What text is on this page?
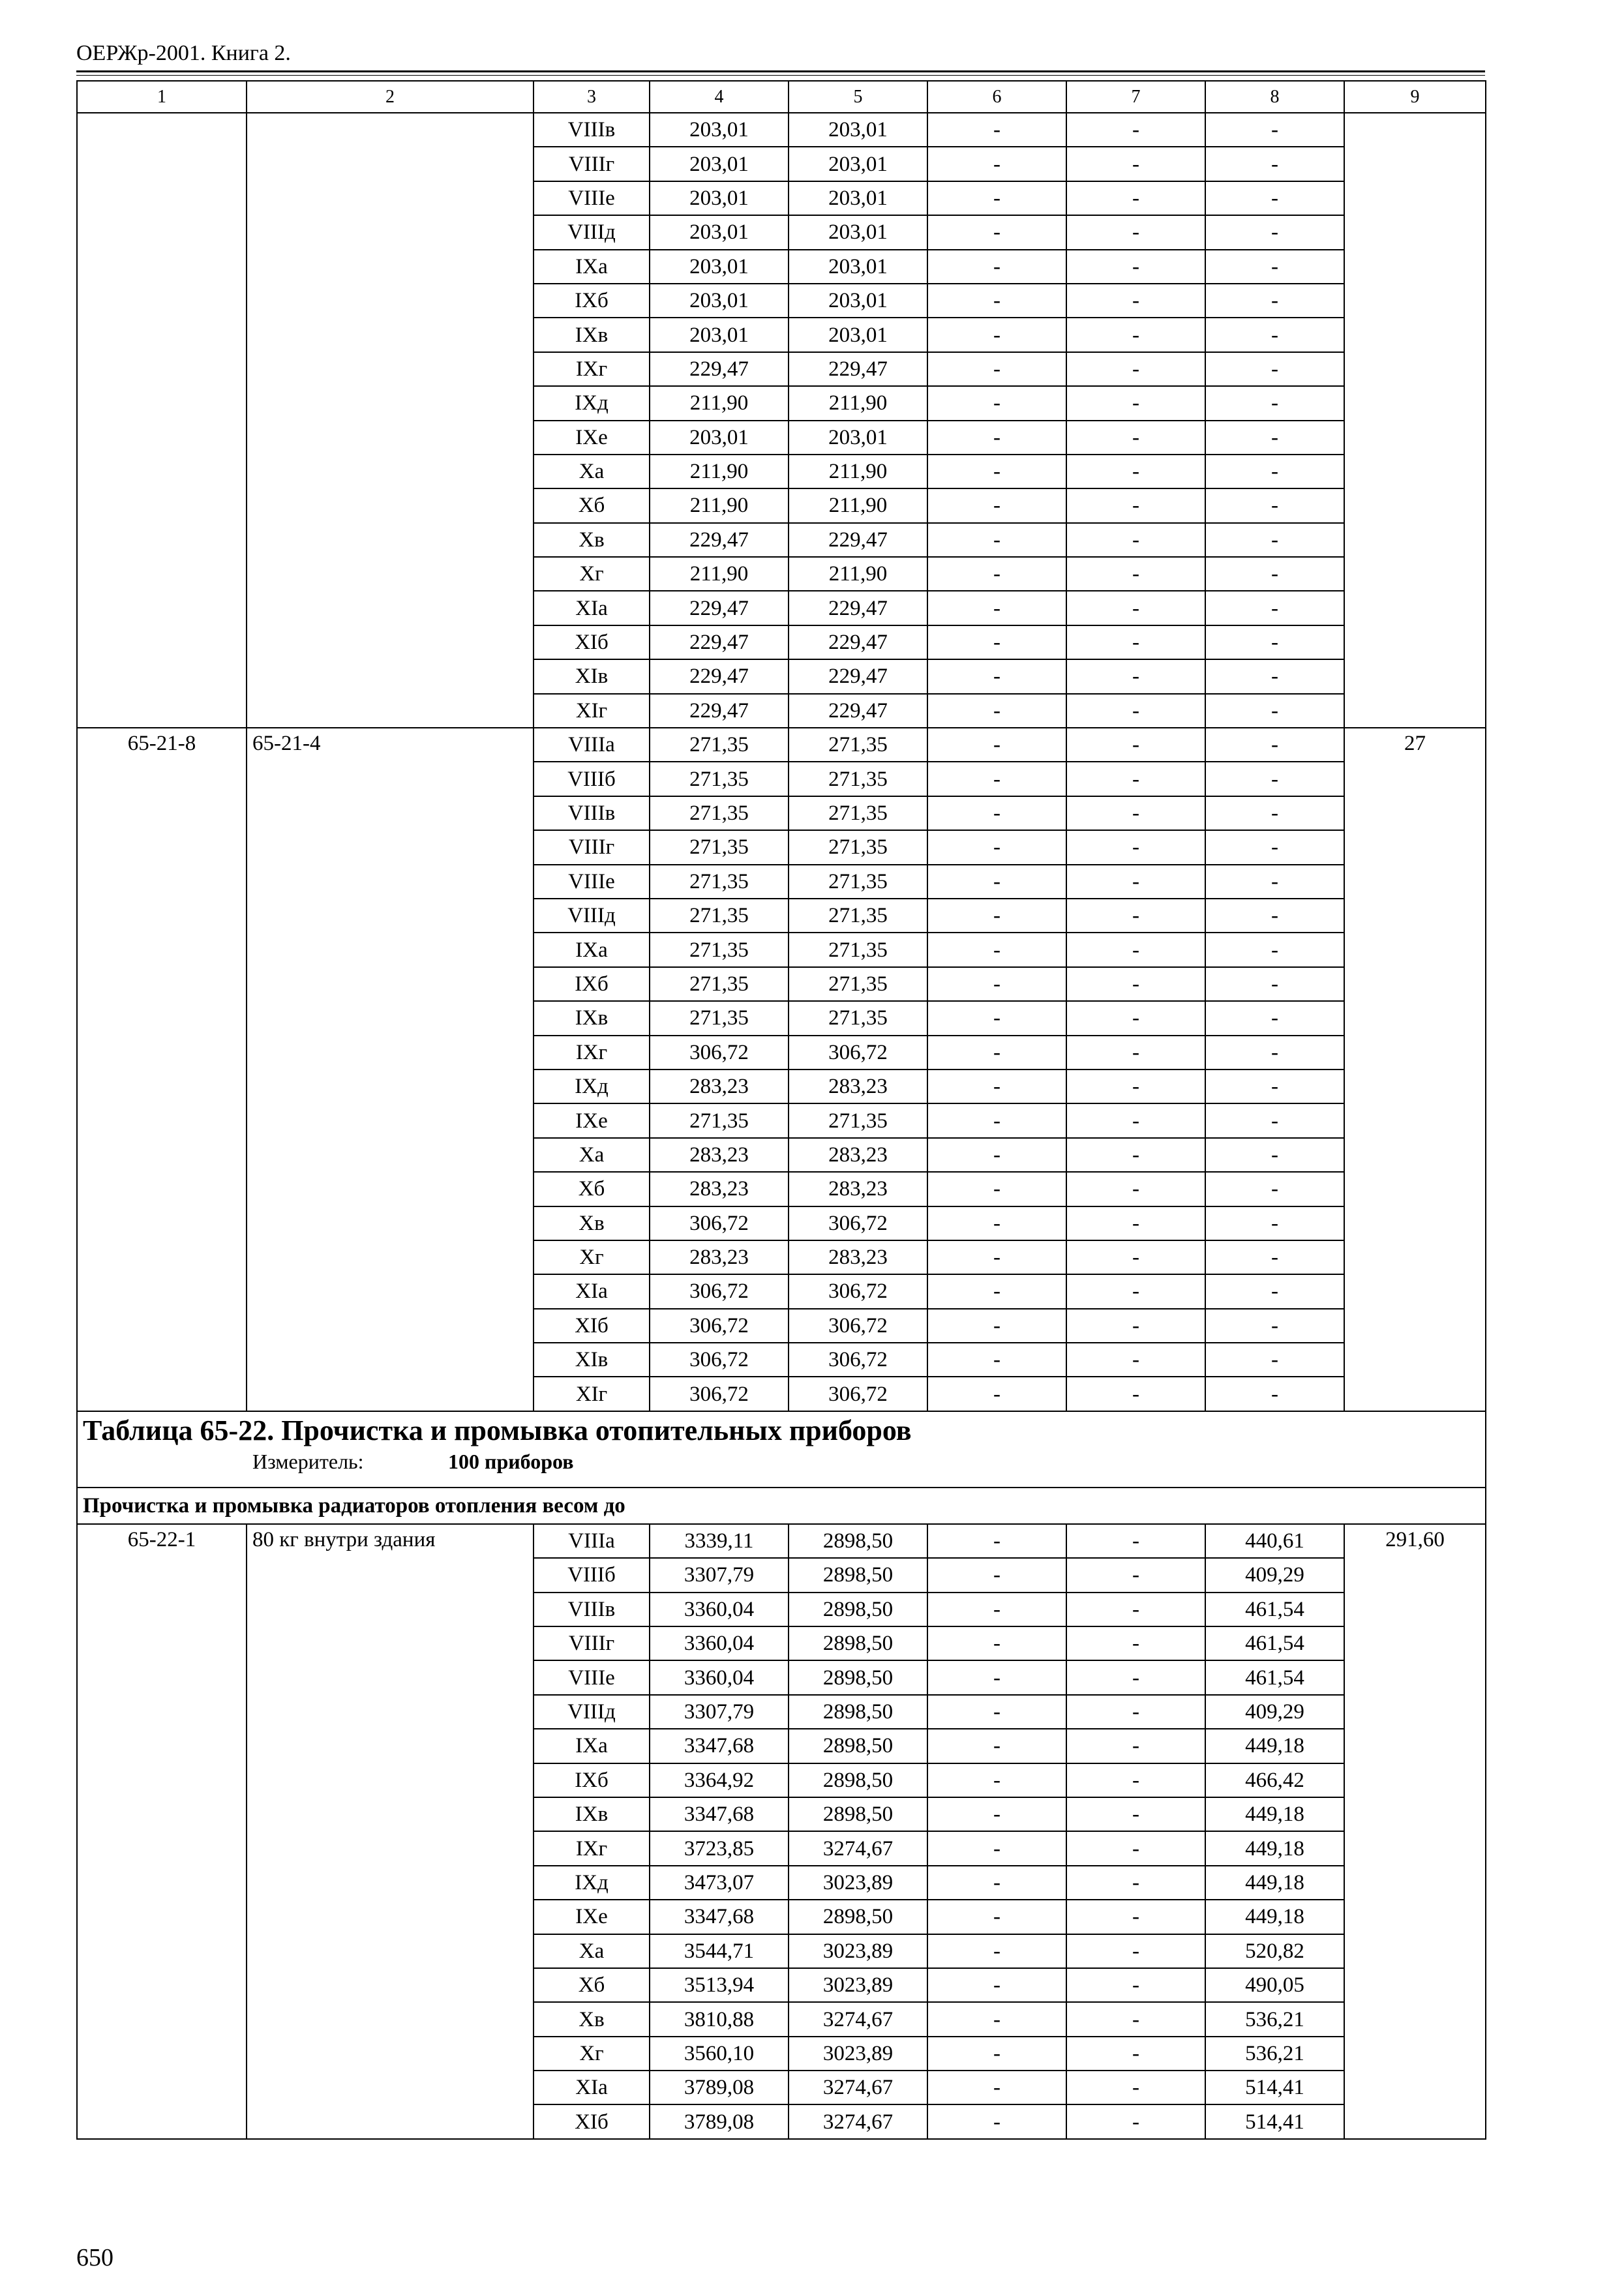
ОЕРЖр-2001. Книга 2.
1	2	3	4	5	6	7	8	9
		VIIIв	203,01	203,01	-	-	-	
		VIIIг	203,01	203,01	-	-	-	
		VIIIе	203,01	203,01	-	-	-	
		VIIIд	203,01	203,01	-	-	-	
		IXа	203,01	203,01	-	-	-	
		IXб	203,01	203,01	-	-	-	
		IXв	203,01	203,01	-	-	-	
		IXг	229,47	229,47	-	-	-	
		IXд	211,90	211,90	-	-	-	
		IXе	203,01	203,01	-	-	-	
		Xа	211,90	211,90	-	-	-	
		Xб	211,90	211,90	-	-	-	
		Xв	229,47	229,47	-	-	-	
		Xг	211,90	211,90	-	-	-	
		XIа	229,47	229,47	-	-	-	
		XIб	229,47	229,47	-	-	-	
		XIв	229,47	229,47	-	-	-	
		XIг	229,47	229,47	-	-	-	
65-21-8	65-21-4	VIIIа	271,35	271,35	-	-	-	27
		VIIIб	271,35	271,35	-	-	-	
		VIIIв	271,35	271,35	-	-	-	
		VIIIг	271,35	271,35	-	-	-	
		VIIIе	271,35	271,35	-	-	-	
		VIIIд	271,35	271,35	-	-	-	
		IXа	271,35	271,35	-	-	-	
		IXб	271,35	271,35	-	-	-	
		IXв	271,35	271,35	-	-	-	
		IXг	306,72	306,72	-	-	-	
		IXд	283,23	283,23	-	-	-	
		IXе	271,35	271,35	-	-	-	
		Xа	283,23	283,23	-	-	-	
		Xб	283,23	283,23	-	-	-	
		Xв	306,72	306,72	-	-	-	
		Xг	283,23	283,23	-	-	-	
		XIа	306,72	306,72	-	-	-	
		XIб	306,72	306,72	-	-	-	
		XIв	306,72	306,72	-	-	-	
		XIг	306,72	306,72	-	-	-	

Таблица 65-22. Прочистка и промывка отопительных приборов
Измеритель: 100 приборов								

Прочистка и промывка радиаторов отопления весом до								
65-22-1	80 кг внутри здания	VIIIа	3339,11	2898,50	-	-	440,61	291,60
		VIIIб	3307,79	2898,50	-	-	409,29	
		VIIIв	3360,04	2898,50	-	-	461,54	
		VIIIг	3360,04	2898,50	-	-	461,54	
		VIIIе	3360,04	2898,50	-	-	461,54	
		VIIIд	3307,79	2898,50	-	-	409,29	
		IXа	3347,68	2898,50	-	-	449,18	
		IXб	3364,92	2898,50	-	-	466,42	
		IXв	3347,68	2898,50	-	-	449,18	
		IXг	3723,85	3274,67	-	-	449,18	
		IXд	3473,07	3023,89	-	-	449,18	
		IXе	3347,68	2898,50	-	-	449,18	
		Xа	3544,71	3023,89	-	-	520,82	
		Xб	3513,94	3023,89	-	-	490,05	
		Xв	3810,88	3274,67	-	-	536,21	
		Xг	3560,10	3023,89	-	-	536,21	
		XIа	3789,08	3274,67	-	-	514,41	
		XIб	3789,08	3274,67	-	-	514,41	
650
